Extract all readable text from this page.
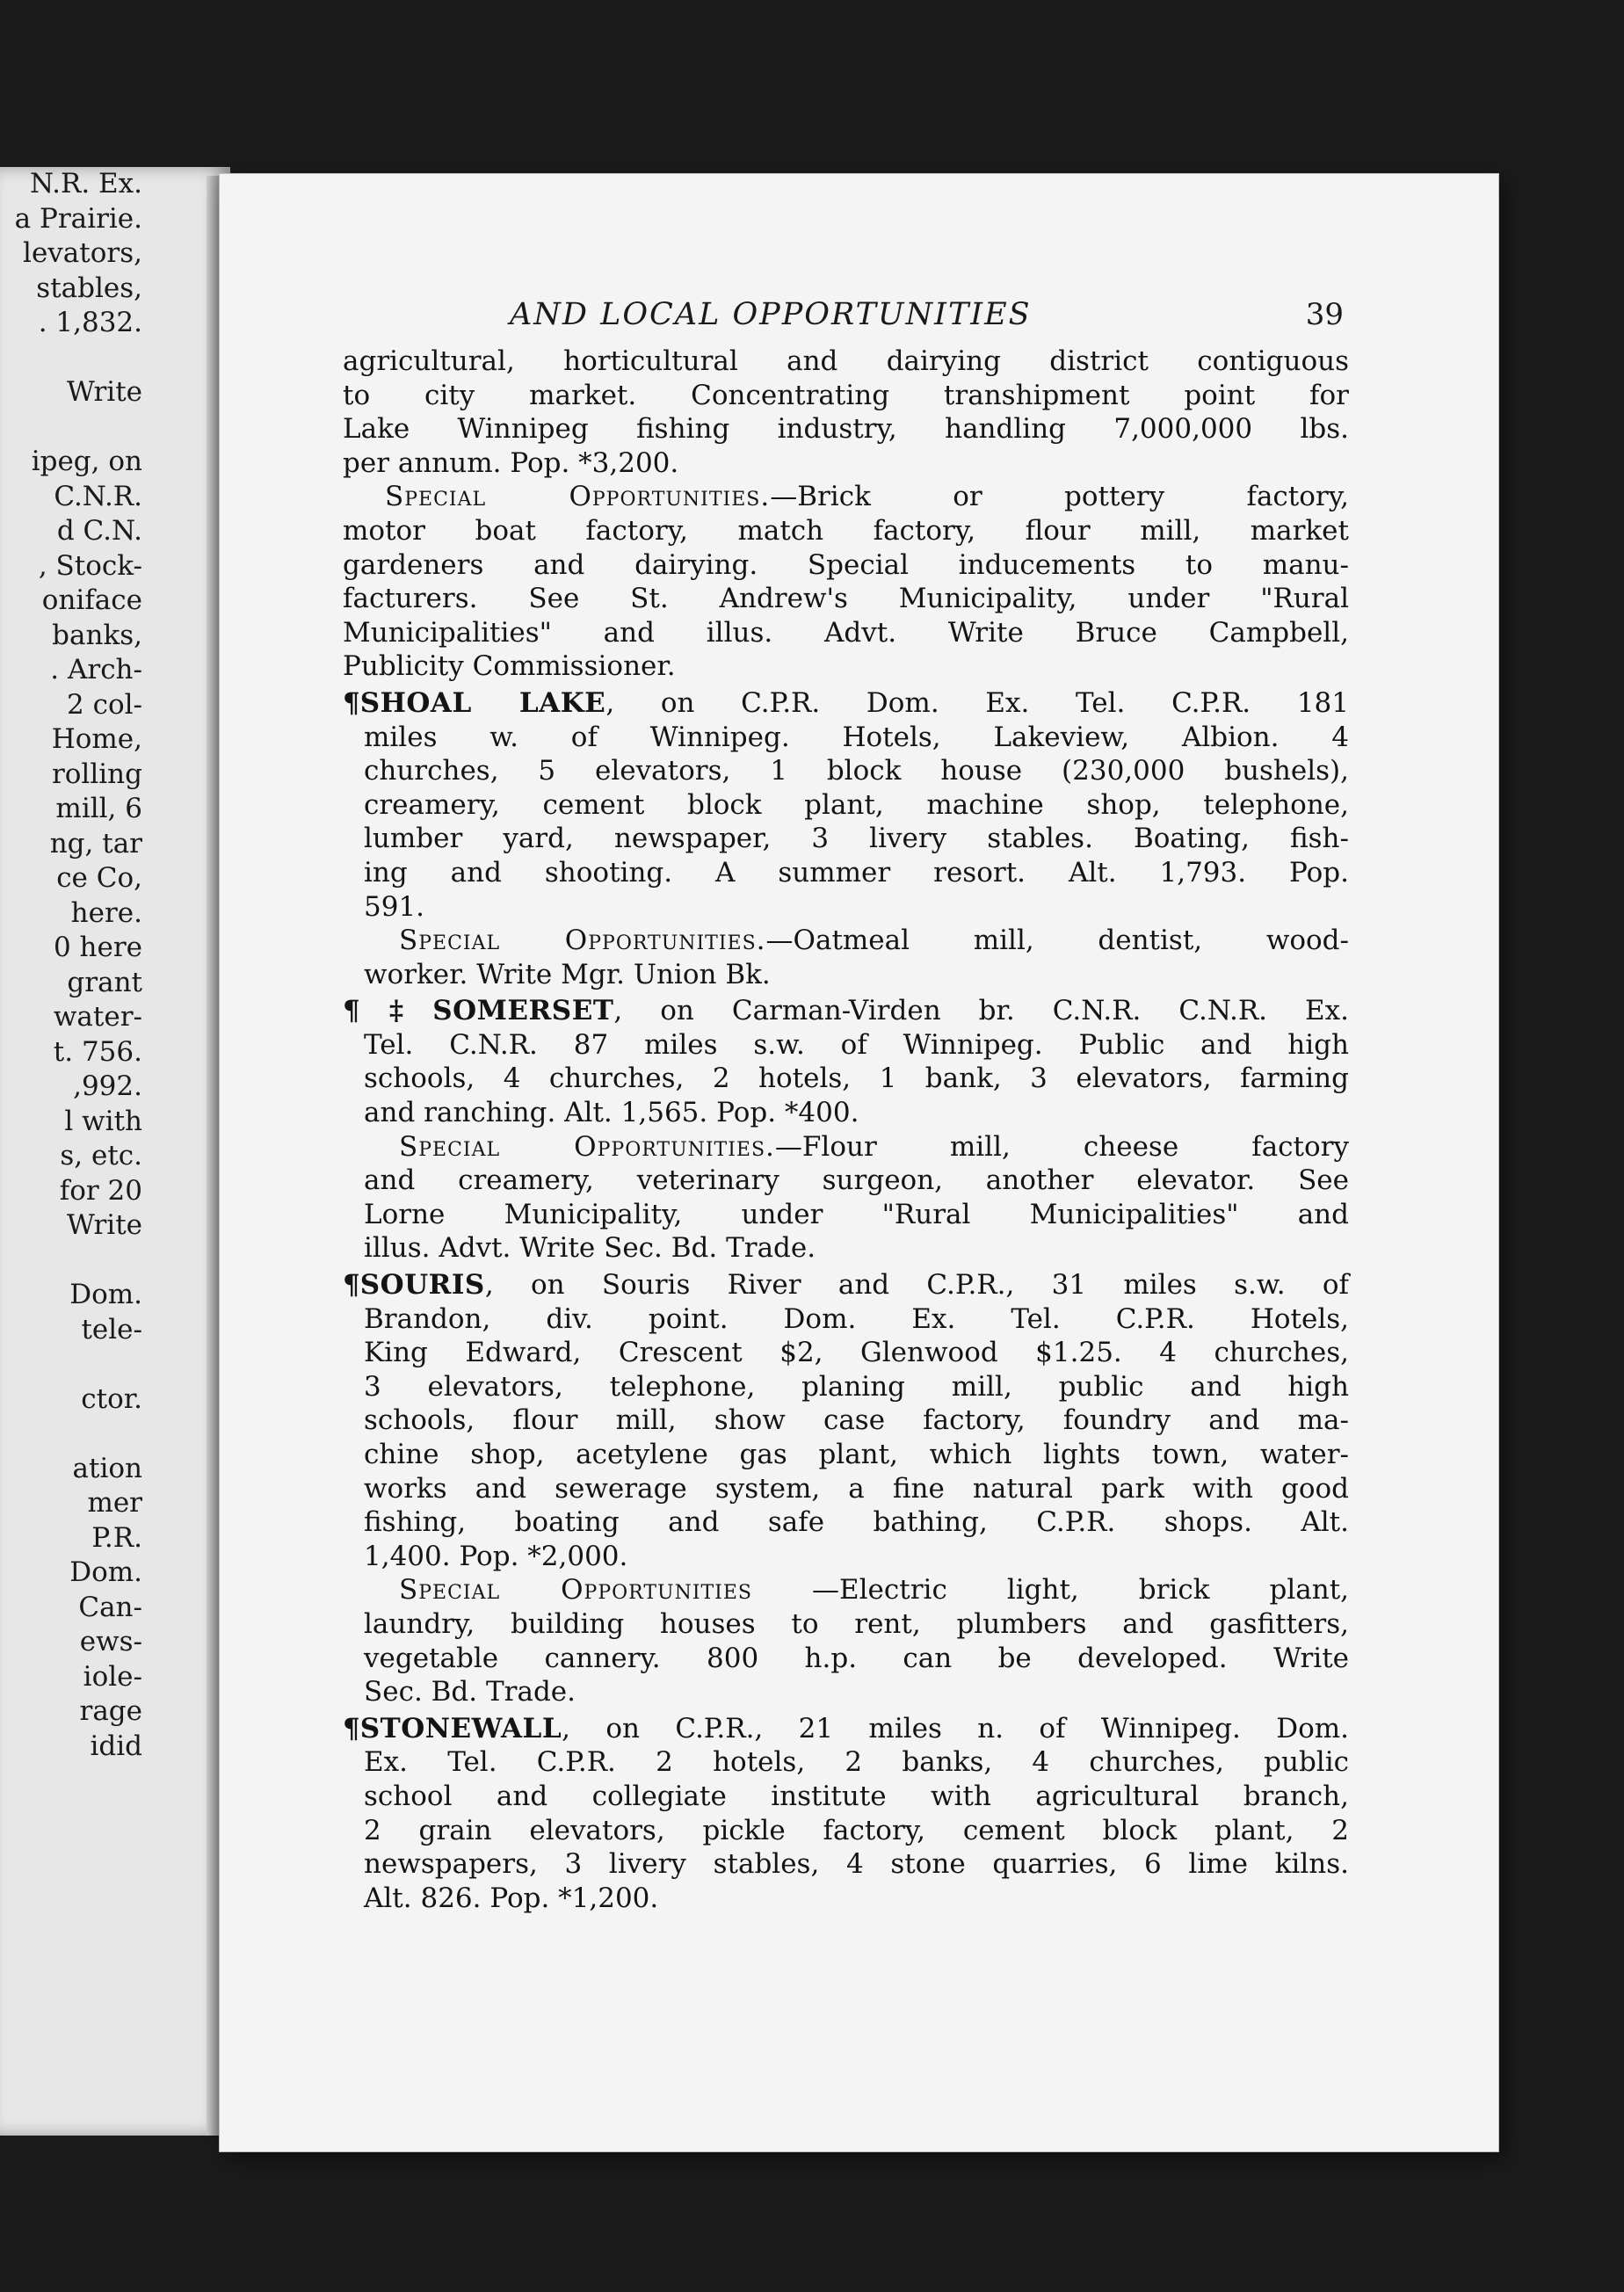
N.R. Ex.
a Prairie.
levators,
stables,
. 1,832.
Write
ipeg, on
C.N.R.
d C.N.
, Stock-
oniface
banks,
. Arch-
2 col-
Home,
rolling
mill, 6
ng, tar
ce Co,
here.
0 here
grant
water-
t. 756.
,992.
l with
s, etc.
for 20
Write
Dom.
tele-
ctor.
ation
mer
P.R.
Dom.
Can-
ews-
iole-
rage
idid
AND LOCAL OPPORTUNITIES	39
agricultural, horticultural and dairying district contiguous
to city market. Concentrating transhipment point for
Lake Winnipeg fishing industry, handling 7,000,000 lbs.
per annum. Pop. *3,200.
Special Opportunities.—Brick or pottery factory,
motor boat factory, match factory, flour mill, market
gardeners and dairying. Special inducements to manu-
facturers. See St. Andrew's Municipality, under "Rural
Municipalities" and illus. Advt. Write Bruce Campbell,
Publicity Commissioner.
¶SHOAL LAKE, on C.P.R. Dom. Ex. Tel. C.P.R. 181
miles w. of Winnipeg. Hotels, Lakeview, Albion. 4
churches, 5 elevators, 1 block house (230,000 bushels),
creamery, cement block plant, machine shop, telephone,
lumber yard, newspaper, 3 livery stables. Boating, fish-
ing and shooting. A summer resort. Alt. 1,793. Pop.
591.
Special Opportunities.—Oatmeal mill, dentist, wood-
worker. Write Mgr. Union Bk.
¶‡SOMERSET, on Carman-Virden br. C.N.R. C.N.R. Ex.
Tel. C.N.R. 87 miles s.w. of Winnipeg. Public and high
schools, 4 churches, 2 hotels, 1 bank, 3 elevators, farming
and ranching. Alt. 1,565. Pop. *400.
Special Opportunities.—Flour mill, cheese factory
and creamery, veterinary surgeon, another elevator. See
Lorne Municipality, under "Rural Municipalities" and
illus. Advt. Write Sec. Bd. Trade.
¶SOURIS, on Souris River and C.P.R., 31 miles s.w. of
Brandon, div. point. Dom. Ex. Tel. C.P.R. Hotels,
King Edward, Crescent $2, Glenwood $1.25. 4 churches,
3 elevators, telephone, planing mill, public and high
schools, flour mill, show case factory, foundry and ma-
chine shop, acetylene gas plant, which lights town, water-
works and sewerage system, a fine natural park with good
fishing, boating and safe bathing, C.P.R. shops. Alt.
1,400. Pop. *2,000.
Special Opportunities —Electric light, brick plant,
laundry, building houses to rent, plumbers and gasfitters,
vegetable cannery. 800 h.p. can be developed. Write
Sec. Bd. Trade.
¶STONEWALL, on C.P.R., 21 miles n. of Winnipeg. Dom.
Ex. Tel. C.P.R. 2 hotels, 2 banks, 4 churches, public
school and collegiate institute with agricultural branch,
2 grain elevators, pickle factory, cement block plant, 2
newspapers, 3 livery stables, 4 stone quarries, 6 lime kilns.
Alt. 826. Pop. *1,200.
